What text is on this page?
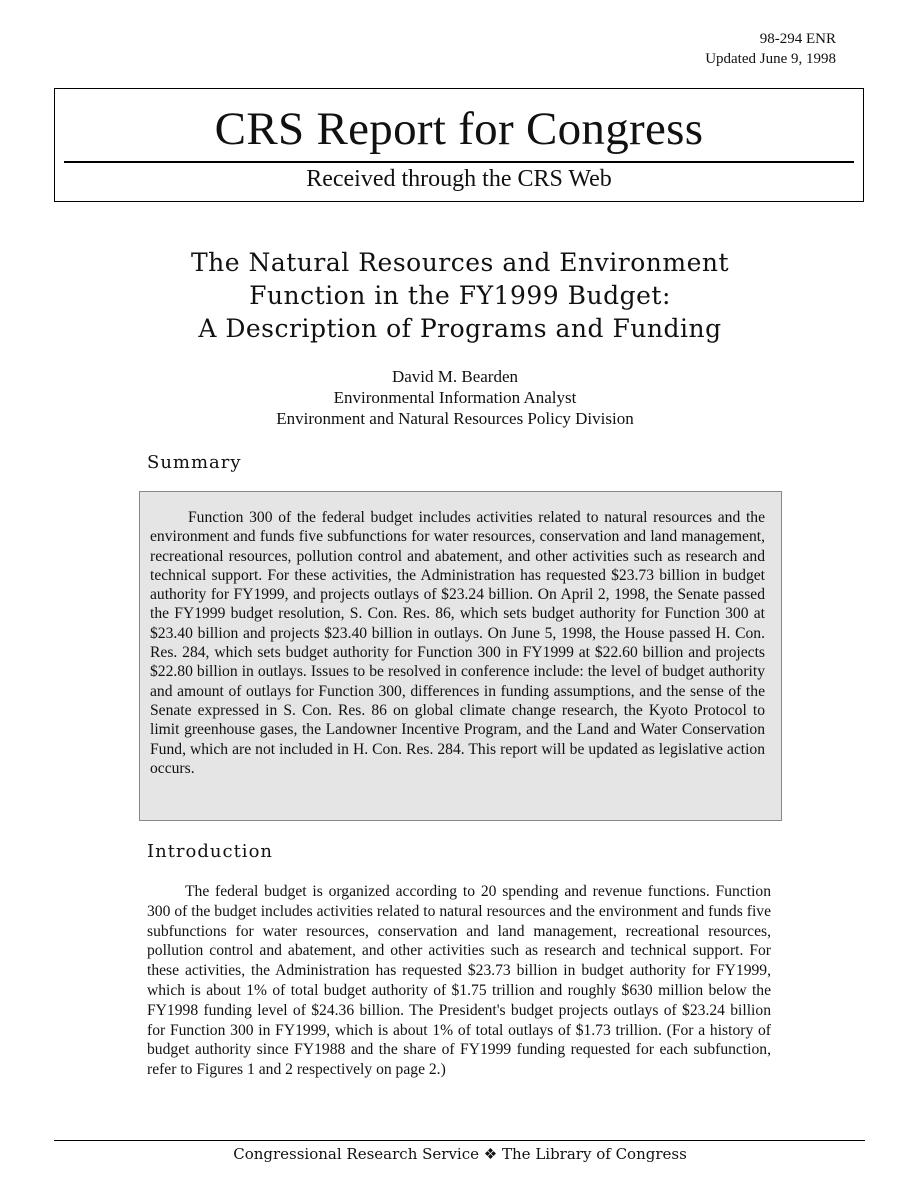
98-294 ENR
Updated June 9, 1998
CRS Report for Congress
Received through the CRS Web
The Natural Resources and Environment
Function in the FY1999 Budget:
A Description of Programs and Funding
David M. Bearden
Environmental Information Analyst
Environment and Natural Resources Policy Division
Summary
Function 300 of the federal budget includes activities related to natural resources and the environment and funds five subfunctions for water resources, conservation and land management, recreational resources, pollution control and abatement, and other activities such as research and technical support. For these activities, the Administration has requested $23.73 billion in budget authority for FY1999, and projects outlays of $23.24 billion. On April 2, 1998, the Senate passed the FY1999 budget resolution, S. Con. Res. 86, which sets budget authority for Function 300 at $23.40 billion and projects $23.40 billion in outlays. On June 5, 1998, the House passed H. Con. Res. 284, which sets budget authority for Function 300 in FY1999 at $22.60 billion and projects $22.80 billion in outlays. Issues to be resolved in conference include: the level of budget authority and amount of outlays for Function 300, differences in funding assumptions, and the sense of the Senate expressed in S. Con. Res. 86 on global climate change research, the Kyoto Protocol to limit greenhouse gases, the Landowner Incentive Program, and the Land and Water Conservation Fund, which are not included in H. Con. Res. 284. This report will be updated as legislative action occurs.
Introduction
The federal budget is organized according to 20 spending and revenue functions. Function 300 of the budget includes activities related to natural resources and the environment and funds five subfunctions for water resources, conservation and land management, recreational resources, pollution control and abatement, and other activities such as research and technical support. For these activities, the Administration has requested $23.73 billion in budget authority for FY1999, which is about 1% of total budget authority of $1.75 trillion and roughly $630 million below the FY1998 funding level of $24.36 billion. The President's budget projects outlays of $23.24 billion for Function 300 in FY1999, which is about 1% of total outlays of $1.73 trillion. (For a history of budget authority since FY1988 and the share of FY1999 funding requested for each subfunction, refer to Figures 1 and 2 respectively on page 2.)
Congressional Research Service ❖ The Library of Congress
